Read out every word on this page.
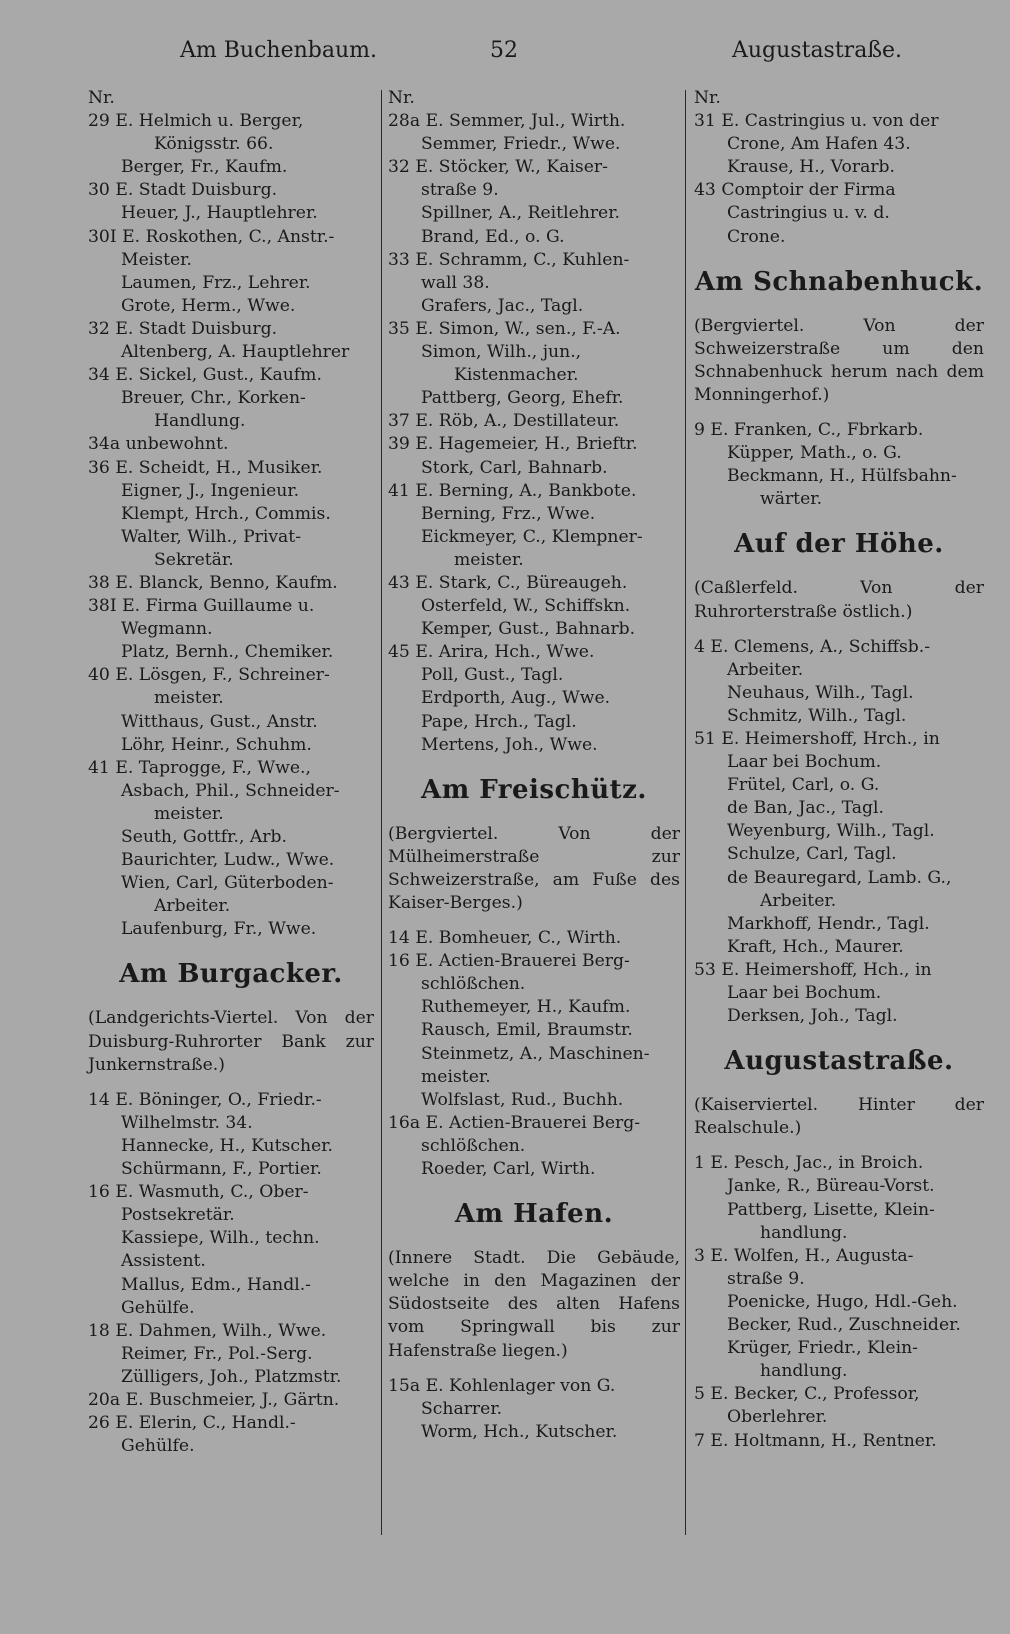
Am Buchenbaum.	52	Augustastraße.
Nr.
29 E. Helmich u. Berger,
Königsstr. 66.
Berger, Fr., Kaufm.
30 E. Stadt Duisburg.
Heuer, J., Hauptlehrer.
30I E. Roskothen, C., Anstr.-
Meister.
Laumen, Frz., Lehrer.
Grote, Herm., Wwe.
32 E. Stadt Duisburg.
Altenberg, A. Hauptlehrer
34 E. Sickel, Gust., Kaufm.
Breuer, Chr., Korken-
Handlung.
34a unbewohnt.
36 E. Scheidt, H., Musiker.
Eigner, J., Ingenieur.
Klempt, Hrch., Commis.
Walter, Wilh., Privat-
Sekretär.
38 E. Blanck, Benno, Kaufm.
38I E. Firma Guillaume u.
Wegmann.
Platz, Bernh., Chemiker.
40 E. Lösgen, F., Schreiner-
meister.
Witthaus, Gust., Anstr.
Löhr, Heinr., Schuhm.
41 E. Taprogge, F., Wwe.,
Asbach, Phil., Schneider-
meister.
Seuth, Gottfr., Arb.
Baurichter, Ludw., Wwe.
Wien, Carl, Güterboden-
Arbeiter.
Laufenburg, Fr., Wwe.
Am Burgacker.
(Landgerichts-Viertel. Von der Duisburg-Ruhrorter Bank zur Junkernstraße.)
14 E. Böninger, O., Friedr.-
Wilhelmstr. 34.
Hannecke, H., Kutscher.
Schürmann, F., Portier.
16 E. Wasmuth, C., Ober-
Postsekretär.
Kassiepe, Wilh., techn.
Assistent.
Mallus, Edm., Handl.-
Gehülfe.
18 E. Dahmen, Wilh., Wwe.
Reimer, Fr., Pol.-Serg.
Zülligers, Joh., Platzmstr.
20a E. Buschmeier, J., Gärtn.
26 E. Elerin, C., Handl.-
Gehülfe.
Nr.
28a E. Semmer, Jul., Wirth.
Semmer, Friedr., Wwe.
32 E. Stöcker, W., Kaiser-
straße 9.
Spillner, A., Reitlehrer.
Brand, Ed., o. G.
33 E. Schramm, C., Kuhlen-
wall 38.
Grafers, Jac., Tagl.
35 E. Simon, W., sen., F.-A.
Simon, Wilh., jun.,
Kistenmacher.
Pattberg, Georg, Ehefr.
37 E. Röb, A., Destillateur.
39 E. Hagemeier, H., Brieftr.
Stork, Carl, Bahnarb.
41 E. Berning, A., Bankbote.
Berning, Frz., Wwe.
Eickmeyer, C., Klempner-
meister.
43 E. Stark, C., Büreaugeh.
Osterfeld, W., Schiffskn.
Kemper, Gust., Bahnarb.
45 E. Arira, Hch., Wwe.
Poll, Gust., Tagl.
Erdporth, Aug., Wwe.
Pape, Hrch., Tagl.
Mertens, Joh., Wwe.
Am Freischütz.
(Bergviertel. Von der Mülheimerstraße zur Schweizerstraße, am Fuße des Kaiser-Berges.)
14 E. Bomheuer, C., Wirth.
16 E. Actien-Brauerei Berg-
schlößchen.
Ruthemeyer, H., Kaufm.
Rausch, Emil, Braumstr.
Steinmetz, A., Maschinen-
meister.
Wolfslast, Rud., Buchh.
16a E. Actien-Brauerei Berg-
schlößchen.
Roeder, Carl, Wirth.
Am Hafen.
(Innere Stadt. Die Gebäude, welche in den Magazinen der Südostseite des alten Hafens vom Springwall bis zur Hafenstraße liegen.)
15a E. Kohlenlager von G.
Scharrer.
Worm, Hch., Kutscher.
Nr.
31 E. Castringius u. von der
Crone, Am Hafen 43.
Krause, H., Vorarb.
43 Comptoir der Firma
Castringius u. v. d.
Crone.
Am Schnabenhuck.
(Bergviertel. Von der Schweizerstraße um den Schnabenhuck herum nach dem Monningerhof.)
9 E. Franken, C., Fbrkarb.
Küpper, Math., o. G.
Beckmann, H., Hülfsbahn-
wärter.
Auf der Höhe.
(Caßlerfeld. Von der Ruhrorterstraße östlich.)
4 E. Clemens, A., Schiffsb.-
Arbeiter.
Neuhaus, Wilh., Tagl.
Schmitz, Wilh., Tagl.
51 E. Heimershoff, Hrch., in
Laar bei Bochum.
Frütel, Carl, o. G.
de Ban, Jac., Tagl.
Weyenburg, Wilh., Tagl.
Schulze, Carl, Tagl.
de Beauregard, Lamb. G.,
Arbeiter.
Markhoff, Hendr., Tagl.
Kraft, Hch., Maurer.
53 E. Heimershoff, Hch., in
Laar bei Bochum.
Derksen, Joh., Tagl.
Augustastraße.
(Kaiserviertel. Hinter der Realschule.)
1 E. Pesch, Jac., in Broich.
Janke, R., Büreau-Vorst.
Pattberg, Lisette, Klein-
handlung.
3 E. Wolfen, H., Augusta-
straße 9.
Poenicke, Hugo, Hdl.-Geh.
Becker, Rud., Zuschneider.
Krüger, Friedr., Klein-
handlung.
5 E. Becker, C., Professor,
Oberlehrer.
7 E. Holtmann, H., Rentner.
